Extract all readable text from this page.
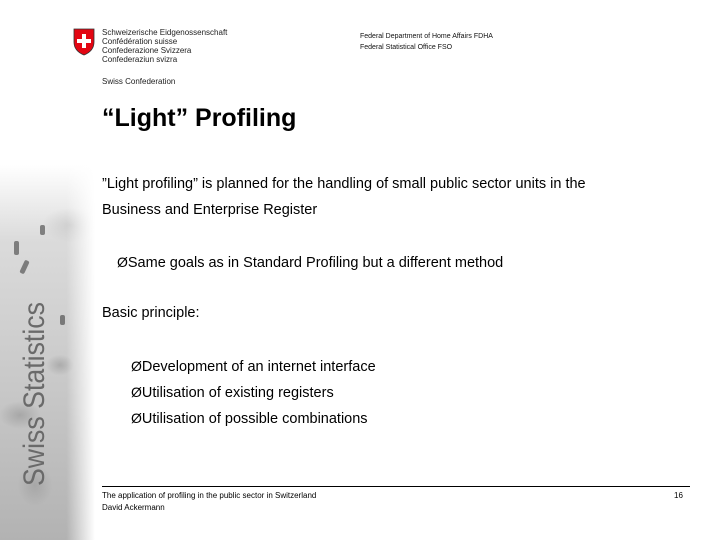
Swiss Statistics
Schweizerische Eidgenossenschaft
Confédération suisse
Confederazione Svizzera
Confederaziun svizra
Swiss Confederation
Federal Department of Home Affairs FDHA
Federal Statistical Office FSO
“Light” Profiling
”Light profiling” is planned for the handling of small public sector units in the
Business and Enterprise Register
Ø Same goals as in Standard Profiling but a different method
Basic principle:
Ø Development of an internet interface
Ø Utilisation of existing registers
Ø Utilisation of possible combinations
The application of profiling in the public sector in Switzerland
David Ackermann
16
